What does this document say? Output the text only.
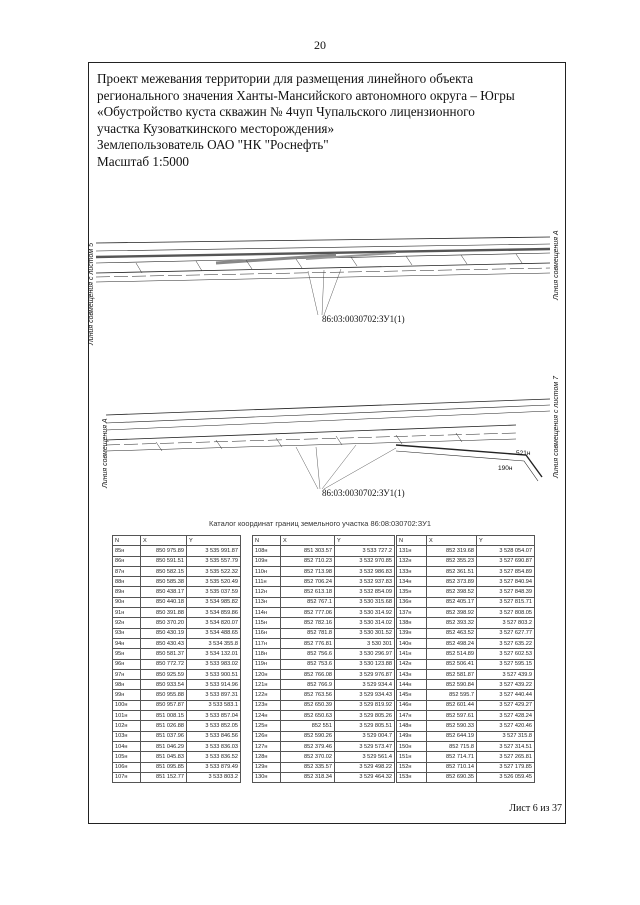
20
Проект межевания территории для размещения линейного объекта
регионального значения Ханты-Мансийского автономного округа – Югры
«Обустройство куста скважин № 4чуп Чупальского лицензионного
участка Кузоваткинского месторождения»
Землепользователь ОАО "НК "Роснефть"
Масштаб 1:5000
Линия совмещения с листом 5	Линия совмещения А
Линия совмещения А	Линия совмещения с листом 7
86:03:0030702:ЗУ1(1)
86:03:0030702:ЗУ1(1)
521н
190н
Каталог координат границ земельного участка 86:08:030702:ЗУ1
N	X	Y
85н	850 975.89	3 535 991.87
86н	850 591.51	3 535 557.79
87н	850 582.15	3 535 522.32
88н	850 585.38	3 535 520.49
89н	850 438.17	3 535 037.59
90н	850 440.18	3 534 985.82
91н	850 391.88	3 534 859.86
92н	850 370.20	3 534 820.07
93н	850 430.19	3 534 488.65
94н	850 430.43	3 534 355.8
95н	850 581.37	3 534 132.01
96н	850 772.72	3 533 983.02
97н	850 925.59	3 533 900.51
98н	850 933.54	3 533 914.96
99н	850 955.88	3 533 897.31
100н	850 957.87	3 533 583.1
101н	851 008.15	3 533 857.04
102н	851 026.88	3 533 852.05
103н	851 037.96	3 533 846.56
104н	851 046.29	3 533 836.03
105н	851 045.83	3 533 836.52
106н	851 095.85	3 533 879.49
107н	851 152.77	3 533 803.2
N	X	Y
108н	851 303.57	3 533 727.2
109н	852 710.23	3 532 970.85
110н	852 713.98	3 532 986.83
111н	852 706.24	3 532 937.83
112н	852 613.18	3 532 854.09
113н	852 767.1	3 530 315.68
114н	852 777.06	3 530 314.92
115н	852 782.16	3 530 314.02
116н	852 781.8	3 530 301.52
117н	852 776.81	3 530 301
118н	852 756.6	3 530 296.97
119н	852 753.6	3 530 123.88
120н	852 766.08	3 529 976.87
121н	852 766.9	3 529 934.4
122н	852 763.56	3 529 934.43
123н	852 650.39	3 529 819.92
124н	852 650.63	3 529 805.26
125н	852 551	3 529 805.51
126н	852 590.26	3 529 004.7
127н	852 379.46	3 529 573.47
128н	852 370.02	3 529 561.4
129н	852 335.57	3 529 498.22
130н	852 318.34	3 529 464.32
N	X	Y
131н	852 319.68	3 528 054.07
132н	852 355.23	3 527 690.87
133н	852 361.51	3 527 854.89
134н	852 373.89	3 527 840.94
135н	852 398.52	3 527 848.39
136н	852 405.17	3 527 815.71
137н	852 398.92	3 527 808.05
138н	852 393.32	3 527 803.2
139н	852 463.52	3 527 627.77
140н	852 498.24	3 527 635.22
141н	852 514.89	3 527 602.53
142н	852 506.41	3 527 595.15
143н	852 581.87	3 527 439.9
144н	852 590.84	3 527 439.22
145н	852 595.7	3 527 440.44
146н	852 601.44	3 527 429.27
147н	852 597.61	3 527 428.24
148н	852 590.33	3 527 420.46
149н	852 644.19	3 527 315.8
150н	852 715.8	3 527 314.51
151н	852 714.71	3 527 265.81
152н	852 710.14	3 527 179.85
153н	852 690.35	3 526 059.45
Лист 6 из 37
